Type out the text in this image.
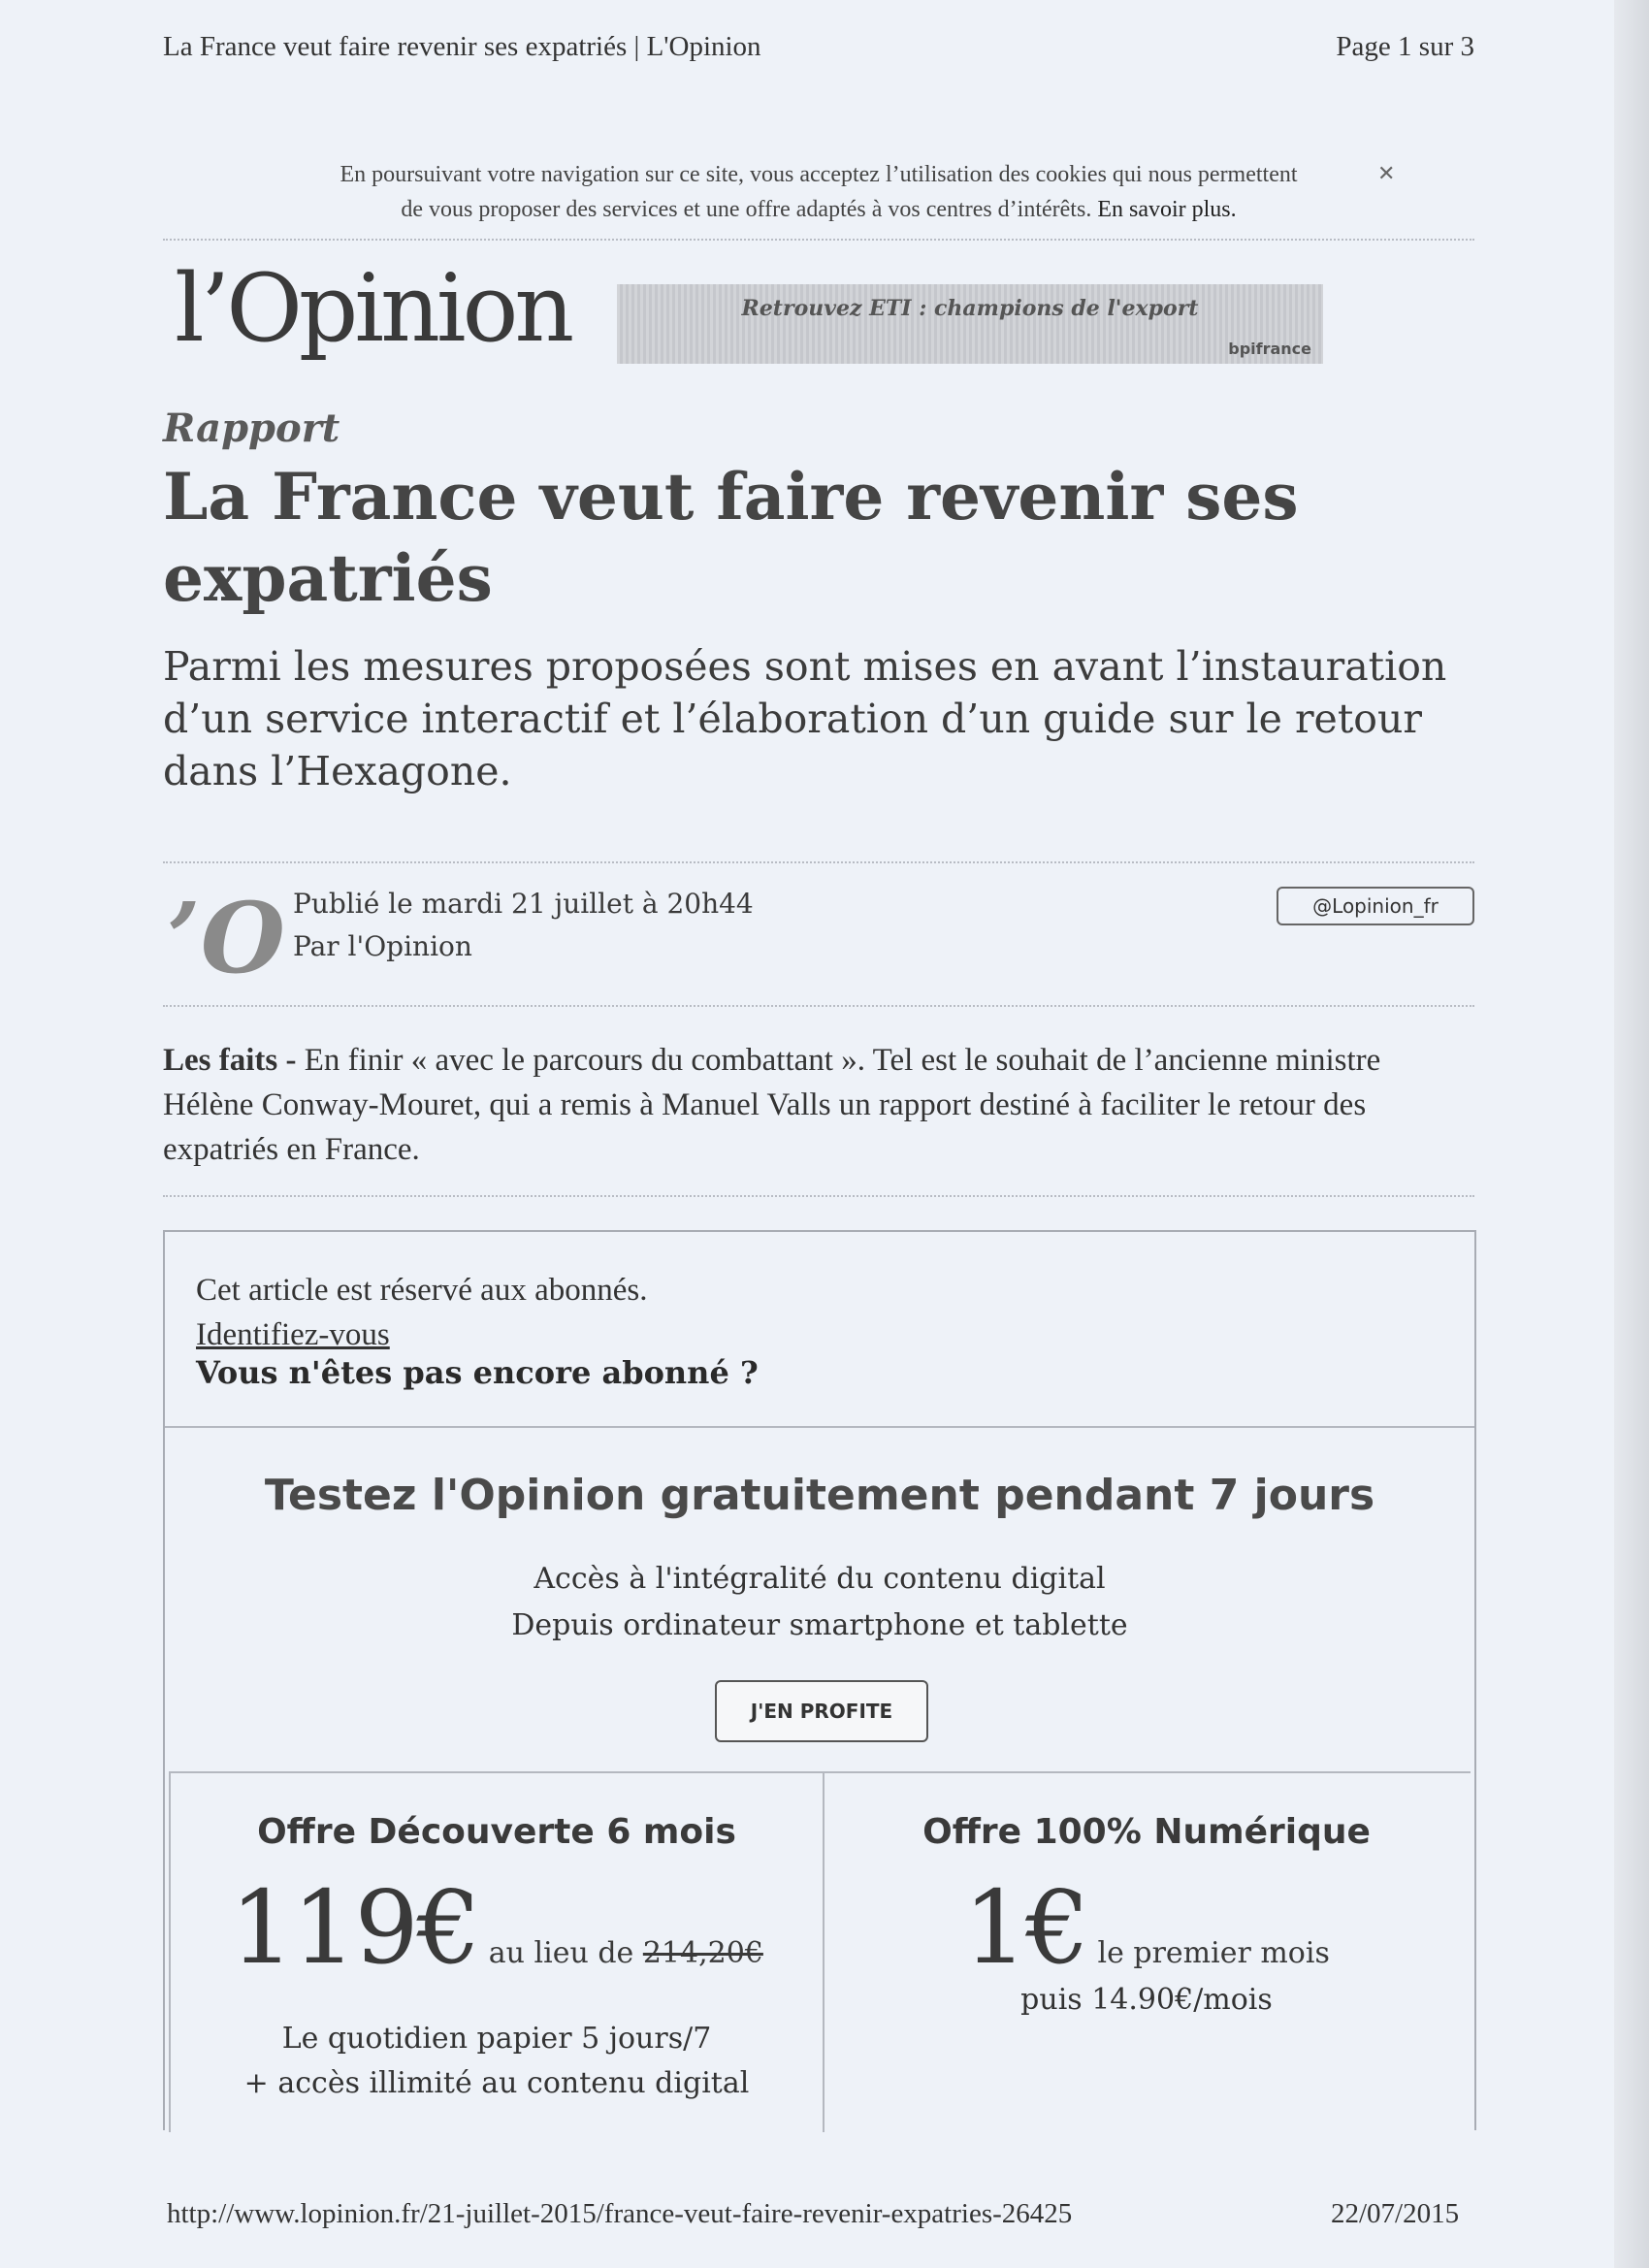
La France veut faire revenir ses expatriés | L'Opinion	Page 1 sur 3
En poursuivant votre navigation sur ce site, vous acceptez l’utilisation des cookies qui nous permettent
de vous proposer des services et une offre adaptés à vos centres d’intérêts. En savoir plus.
✕
l’Opinion	Retrouvez ETI : champions de l'export
bpifrance
Rapport
La France veut faire revenir ses expatriés
Parmi les mesures proposées sont mises en avant l’instauration d’un service interactif et l’élaboration d’un guide sur le retour dans l’Hexagone.
’O Publié le mardi 21 juillet à 20h44
Par l'Opinion
@Lopinion_fr
Les faits - En finir « avec le parcours du combattant ». Tel est le souhait de l’ancienne ministre Hélène Conway-Mouret, qui a remis à Manuel Valls un rapport destiné à faciliter le retour des expatriés en France.
Cet article est réservé aux abonnés.
Identifiez-vous
Vous n'êtes pas encore abonné ?
Testez l'Opinion gratuitement pendant 7 jours
Accès à l'intégralité du contenu digital
Depuis ordinateur smartphone et tablette
J'EN PROFITE
Offre Découverte 6 mois
119€ au lieu de 214,20€
Le quotidien papier 5 jours/7
+ accès illimité au contenu digital
Offre 100% Numérique
1€ le premier mois
puis 14.90€/mois
http://www.lopinion.fr/21-juillet-2015/france-veut-faire-revenir-expatries-26425	22/07/2015
